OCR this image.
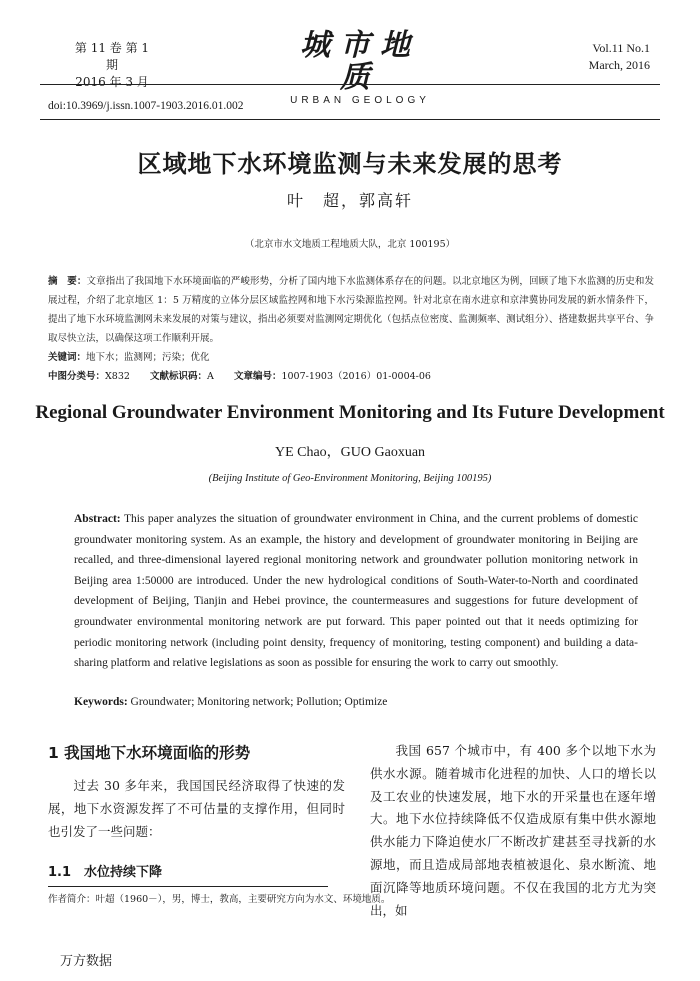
第 11 卷 第 1 期
2016 年 3 月
城市地质
URBAN GEOLOGY
Vol.11 No.1
March, 2016
doi:10.3969/j.issn.1007-1903.2016.01.002
区域地下水环境监测与未来发展的思考
叶　超，郭高轩
（北京市水文地质工程地质大队，北京 100195）
摘　要：文章指出了我国地下水环境面临的严峻形势，分析了国内地下水监测体系存在的问题。以北京地区为例，回顾了地下水监测的历史和发展过程，介绍了北京地区 1：5 万精度的立体分层区域监控网和地下水污染源监控网。针对北京在南水进京和京津冀协同发展的新水情条件下，提出了地下水环境监测网未来发展的对策与建议，指出必须要对监测网定期优化（包括点位密度、监测频率、测试组分）、搭建数据共享平台、争取尽快立法，以确保这项工作顺利开展。
关键词：地下水；监测网；污染；优化
中图分类号：X832 文献标识码：A 文章编号：1007-1903（2016）01-0004-06
Regional Groundwater Environment Monitoring and Its Future Development
YE Chao，GUO Gaoxuan
(Beijing Institute of Geo-Environment Monitoring, Beijing 100195)
Abstract: This paper analyzes the situation of groundwater environment in China, and the current problems of domestic groundwater monitoring system. As an example, the history and development of groundwater monitoring in Beijing are recalled, and three-dimensional layered regional monitoring network and groundwater pollution monitoring network in Beijing area 1:50000 are introduced. Under the new hydrological conditions of South-Water-to-North and coordinated development of Beijing, Tianjin and Hebei province, the countermeasures and suggestions for future development of groundwater environmental monitoring network are put forward. This paper pointed out that it needs optimizing for periodic monitoring network (including point density, frequency of monitoring, testing component) and building a data-sharing platform and relative legislations as soon as possible for ensuring the work to carry out smoothly.
Keywords: Groundwater; Monitoring network; Pollution; Optimize
1 我国地下水环境面临的形势
过去 30 多年来，我国国民经济取得了快速的发展，地下水资源发挥了不可估量的支撑作用，但同时也引发了一些问题：
1.1　水位持续下降
我国 657 个城市中，有 400 多个以地下水为供水水源。随着城市化进程的加快、人口的增长以及工农业的快速发展，地下水的开采量也在逐年增大。地下水位持续降低不仅造成原有集中供水源地供水能力下降迫使水厂不断改扩建甚至寻找新的水源地，而且造成局部地表植被退化、泉水断流、地面沉降等地质环境问题。不仅在我国的北方尤为突出，如
作者简介：叶超（1960－），男，博士，教高，主要研究方向为水文、环境地质。
万方数据
